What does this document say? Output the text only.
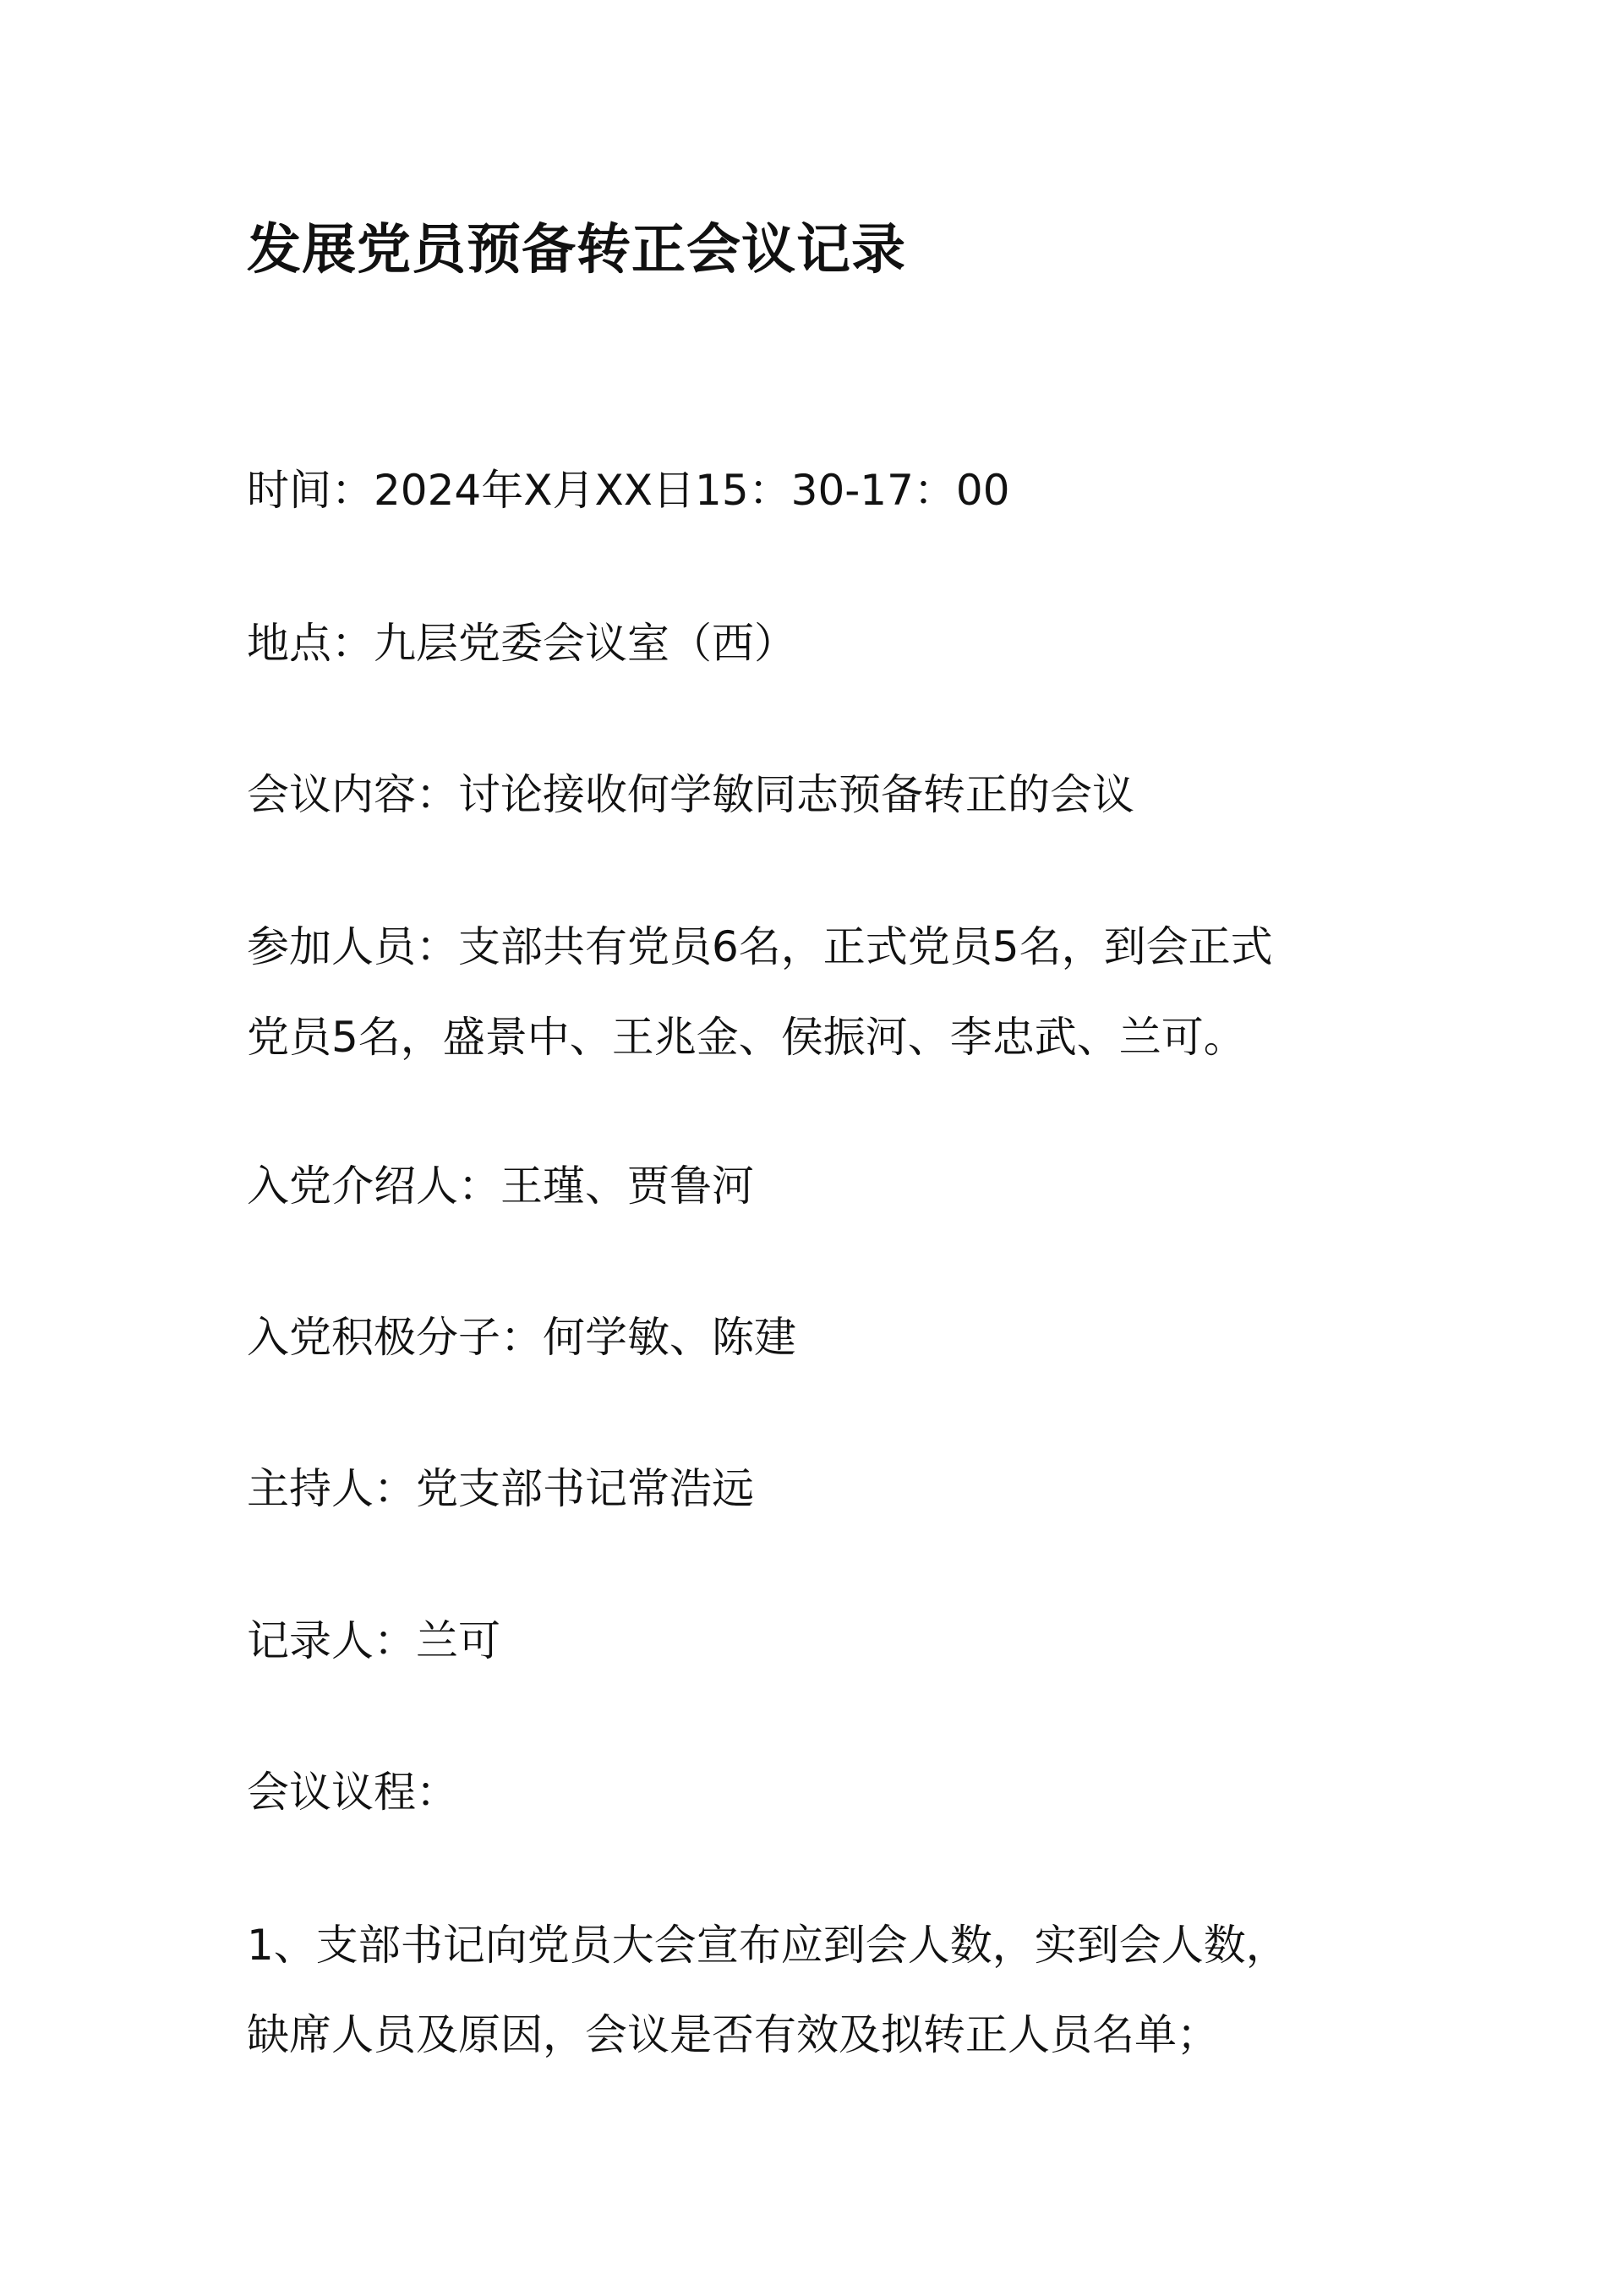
发展党员预备转正会议记录

时间：2024年X月XX日15：30-17：00

地点：九层党委会议室（西）

会议内容：讨论接收何学敏同志预备转正的会议

参加人员：支部共有党员6名，正式党员5名，到会正式

党员5名，盛景中、王兆金、侯振河、李忠武、兰可。

入党介绍人：王瑾、贾鲁河

入党积极分子：何学敏、陈建

主持人：党支部书记常浩远

记录人：兰可

会议议程：

1、支部书记向党员大会宣布应到会人数，实到会人数，

缺席人员及原因，会议是否有效及拟转正人员名单；
